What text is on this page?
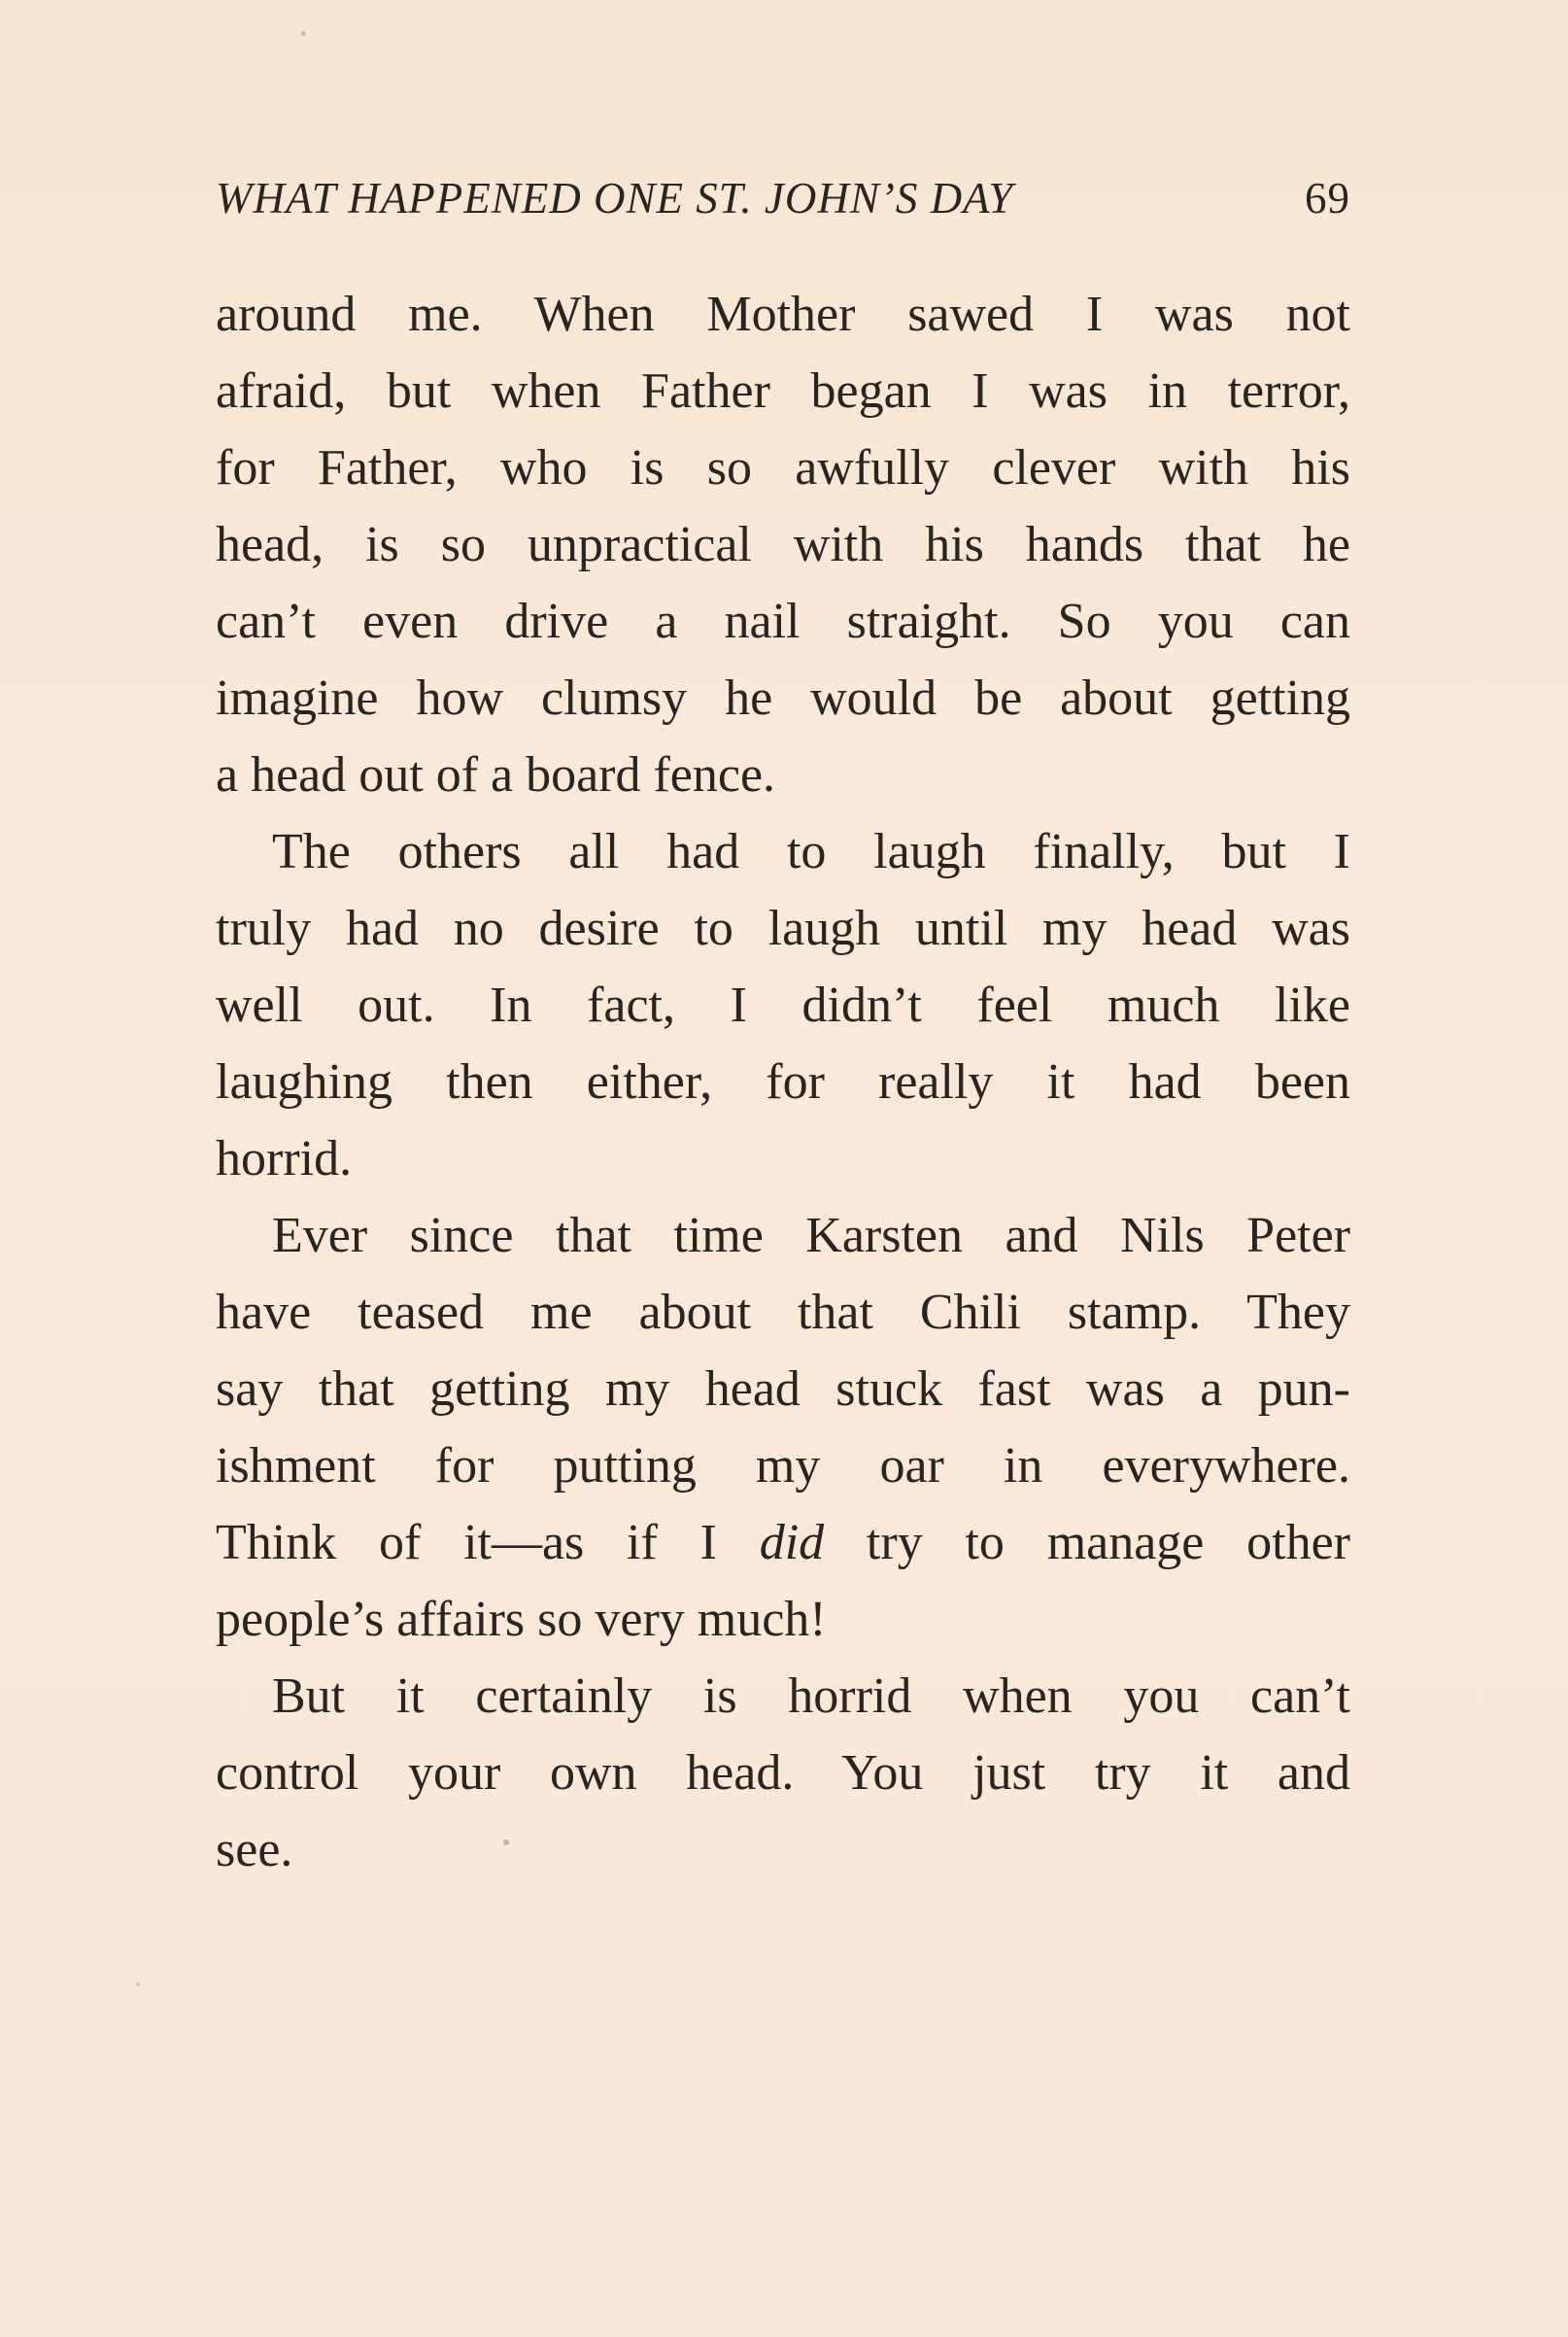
WHAT HAPPENED ONE ST. JOHN’S DAY	69
around me. When Mother sawed I was not
afraid, but when Father began I was in terror,
for Father, who is so awfully clever with his
head, is so unpractical with his hands that he
can’t even drive a nail straight. So you can
imagine how clumsy he would be about getting
a head out of a board fence.
The others all had to laugh finally, but I
truly had no desire to laugh until my head was
well out. In fact, I didn’t feel much like
laughing then either, for really it had been
horrid.
Ever since that time Karsten and Nils Peter
have teased me about that Chili stamp. They
say that getting my head stuck fast was a pun-
ishment for putting my oar in everywhere.
Think of it—as if I did try to manage other
people’s affairs so very much!
But it certainly is horrid when you can’t
control your own head. You just try it and
see.
